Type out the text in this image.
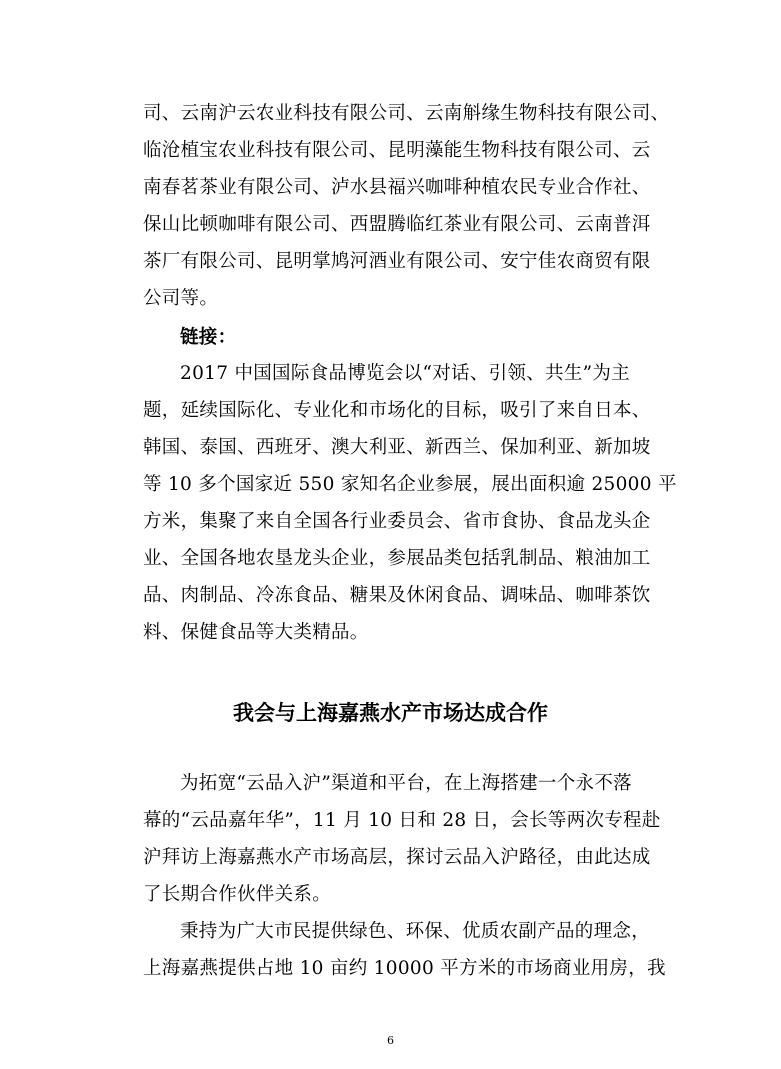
司、云南沪云农业科技有限公司、云南斛缘生物科技有限公司、
临沧植宝农业科技有限公司、昆明藻能生物科技有限公司、云
南春茗茶业有限公司、泸水县福兴咖啡种植农民专业合作社、
保山比顿咖啡有限公司、西盟腾临红茶业有限公司、云南普洱
茶厂有限公司、昆明掌鸠河酒业有限公司、安宁佳农商贸有限
公司等。
链接：
2017 中国国际食品博览会以“对话、引领、共生”为主
题，延续国际化、专业化和市场化的目标，吸引了来自日本、
韩国、泰国、西班牙、澳大利亚、新西兰、保加利亚、新加坡
等 10 多个国家近 550 家知名企业参展，展出面积逾 25000 平
方米，集聚了来自全国各行业委员会、省市食协、食品龙头企
业、全国各地农垦龙头企业，参展品类包括乳制品、粮油加工
品、肉制品、冷冻食品、糖果及休闲食品、调味品、咖啡茶饮
料、保健食品等大类精品。
我会与上海嘉燕水产市场达成合作
为拓宽“云品入沪”渠道和平台，在上海搭建一个永不落
幕的“云品嘉年华”，11 月 10 日和 28 日，会长等两次专程赴
沪拜访上海嘉燕水产市场高层，探讨云品入沪路径，由此达成
了长期合作伙伴关系。
秉持为广大市民提供绿色、环保、优质农副产品的理念，
上海嘉燕提供占地 10 亩约 10000 平方米的市场商业用房，我
6
